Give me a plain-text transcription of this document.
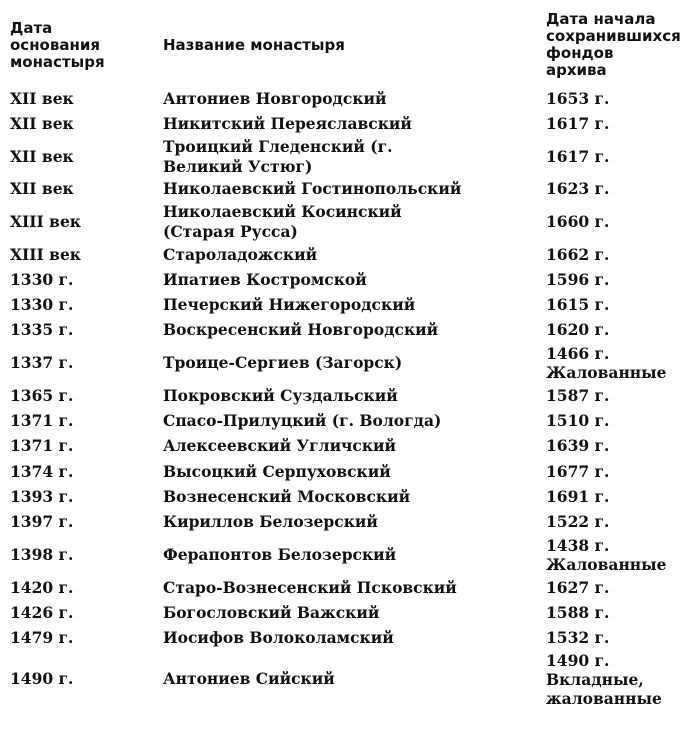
Дата
основания
монастыря	Название монастыря	Дата начала
сохранившихся
фондов
архива
XII век	Антониев Новгородский	1653 г.
XII век	Никитский Переяславский	1617 г.
XII век	Троицкий Гледенский (г.
Великий Устюг)	1617 г.
XII век	Николаевский Гостинопольский	1623 г.
XIII век	Николаевский Косинский
(Старая Русса)	1660 г.
XIII век	Староладожский	1662 г.
1330 г.	Ипатиев Костромской	1596 г.
1330 г.	Печерский Нижегородский	1615 г.
1335 г.	Воскресенский Новгородский	1620 г.
1337 г.	Троице-Сергиев (Загорск)	1466 г.
Жалованные
1365 г.	Покровский Суздальский	1587 г.
1371 г.	Спасо-Прилуцкий (г. Вологда)	1510 г.
1371 г.	Алексеевский Угличский	1639 г.
1374 г.	Высоцкий Серпуховский	1677 г.
1393 г.	Вознесенский Московский	1691 г.
1397 г.	Кириллов Белозерский	1522 г.
1398 г.	Ферапонтов Белозерский	1438 г.
Жалованные
1420 г.	Старо-Вознесенский Псковский	1627 г.
1426 г.	Богословский Важский	1588 г.
1479 г.	Иосифов Волоколамский	1532 г.
1490 г.	Антониев Сийский	1490 г.
Вкладные,
жалованные
